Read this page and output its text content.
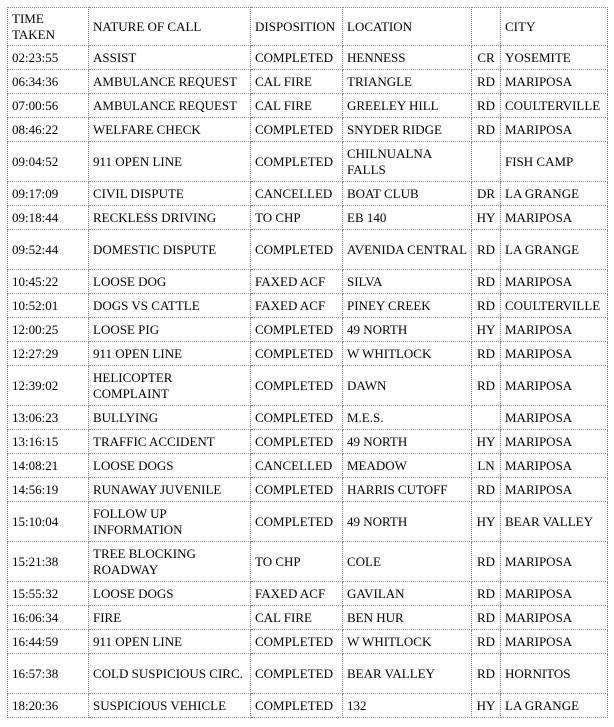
TIME TAKEN	NATURE OF CALL	DISPOSITION	LOCATION		CITY
02:23:55	ASSIST	COMPLETED	HENNESS	CR	YOSEMITE
06:34:36	AMBULANCE REQUEST	CAL FIRE	TRIANGLE	RD	MARIPOSA
07:00:56	AMBULANCE REQUEST	CAL FIRE	GREELEY HILL	RD	COULTERVILLE
08:46:22	WELFARE CHECK	COMPLETED	SNYDER RIDGE	RD	MARIPOSA
09:04:52	911 OPEN LINE	COMPLETED	CHILNUALNA FALLS		FISH CAMP
09:17:09	CIVIL DISPUTE	CANCELLED	BOAT CLUB	DR	LA GRANGE
09:18:44	RECKLESS DRIVING	TO CHP	EB 140	HY	MARIPOSA
09:52:44	DOMESTIC DISPUTE	COMPLETED	AVENIDA CENTRAL	RD	LA GRANGE
10:45:22	LOOSE DOG	FAXED ACF	SILVA	RD	MARIPOSA
10:52:01	DOGS VS CATTLE	FAXED ACF	PINEY CREEK	RD	COULTERVILLE
12:00:25	LOOSE PIG	COMPLETED	49 NORTH	HY	MARIPOSA
12:27:29	911 OPEN LINE	COMPLETED	W WHITLOCK	RD	MARIPOSA
12:39:02	HELICOPTER COMPLAINT	COMPLETED	DAWN	RD	MARIPOSA
13:06:23	BULLYING	COMPLETED	M.E.S.		MARIPOSA
13:16:15	TRAFFIC ACCIDENT	COMPLETED	49 NORTH	HY	MARIPOSA
14:08:21	LOOSE DOGS	CANCELLED	MEADOW	LN	MARIPOSA
14:56:19	RUNAWAY JUVENILE	COMPLETED	HARRIS CUTOFF	RD	MARIPOSA
15:10:04	FOLLOW UP INFORMATION	COMPLETED	49 NORTH	HY	BEAR VALLEY
15:21:38	TREE BLOCKING ROADWAY	TO CHP	COLE	RD	MARIPOSA
15:55:32	LOOSE DOGS	FAXED ACF	GAVILAN	RD	MARIPOSA
16:06:34	FIRE	CAL FIRE	BEN HUR	RD	MARIPOSA
16:44:59	911 OPEN LINE	COMPLETED	W WHITLOCK	RD	MARIPOSA
16:57:38	COLD SUSPICIOUS CIRC.	COMPLETED	BEAR VALLEY	RD	HORNITOS
18:20:36	SUSPICIOUS VEHICLE	COMPLETED	132	HY	LA GRANGE
